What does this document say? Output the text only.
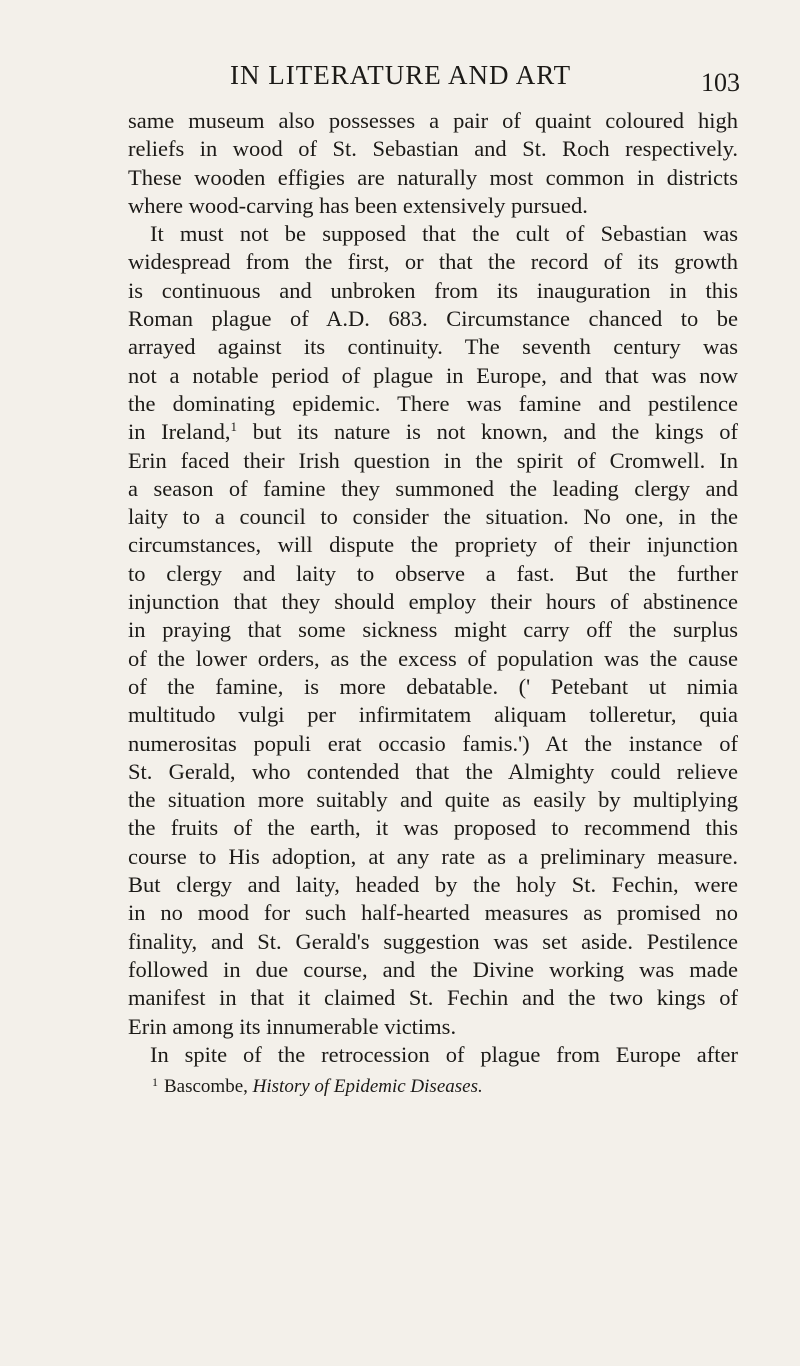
IN LITERATURE AND ART	103
same museum also possesses a pair of quaint coloured high
reliefs in wood of St. Sebastian and St. Roch respectively.
These wooden effigies are naturally most common in districts
where wood-carving has been extensively pursued.
It must not be supposed that the cult of Sebastian was
widespread from the first, or that the record of its growth
is continuous and unbroken from its inauguration in this
Roman plague of A.D. 683. Circumstance chanced to be
arrayed against its continuity. The seventh century was
not a notable period of plague in Europe, and that was now
the dominating epidemic. There was famine and pestilence
in Ireland,$^1$ but its nature is not known, and the kings of
Erin faced their Irish question in the spirit of Cromwell. In
a season of famine they summoned the leading clergy and
laity to a council to consider the situation. No one, in the
circumstances, will dispute the propriety of their injunction
to clergy and laity to observe a fast. But the further
injunction that they should employ their hours of abstinence
in praying that some sickness might carry off the surplus
of the lower orders, as the excess of population was the cause
of the famine, is more debatable. (' Petebant ut nimia
multitudo vulgi per infirmitatem aliquam tolleretur, quia
numerositas populi erat occasio famis.') At the instance of
St. Gerald, who contended that the Almighty could relieve
the situation more suitably and quite as easily by multiplying
the fruits of the earth, it was proposed to recommend this
course to His adoption, at any rate as a preliminary measure.
But clergy and laity, headed by the holy St. Fechin, were
in no mood for such half-hearted measures as promised no
finality, and St. Gerald's suggestion was set aside. Pestilence
followed in due course, and the Divine working was made
manifest in that it claimed St. Fechin and the two kings of
Erin among its innumerable victims.
In spite of the retrocession of plague from Europe after
$^1$ Bascombe, History of Epidemic Diseases.
